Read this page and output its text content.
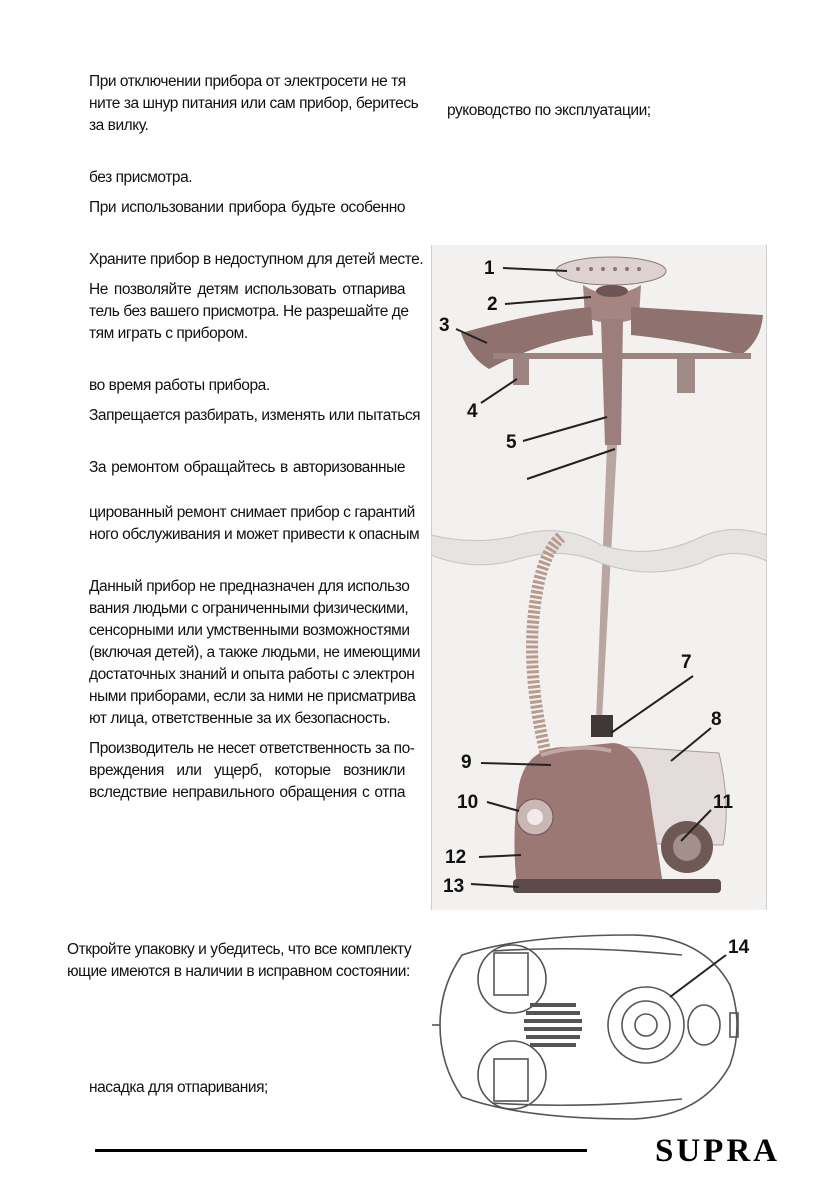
При отключении прибора от электросети не тя

ните за шнур питания или сам прибор, беритесь

за вилку.

без присмотра.

При использовании прибора будьте особенно

Храните прибор в недоступном для детей месте.

Не позволяйте детям использовать отпарива

тель без вашего присмотра. Не разрешайте де

тям играть с прибором.

во время работы прибора.

Запрещается разбирать, изменять или пытаться

За ремонтом обращайтесь в авторизованные

цированный ремонт снимает прибор с гарантий

ного обслуживания и может привести к опасным

Данный прибор не предназначен для использо

вания людьми с ограниченными физическими,

сенсорными или умственными возможностями

(включая детей), а также людьми, не имеющими

достаточных знаний и опыта работы с электрон

ными приборами, если за ними не присматрива

ют лица, ответственные за их безопасность.

Производитель не несет ответственность за по-

вреждения или ущерб, которые возникли

вследствие неправильного обращения с отпа

Откройте упаковку и убедитесь, что все комплекту

ющие имеются в наличии в исправном состоянии:

насадка для отпаривания;

руководство по эксплуатации;

1
2
3
4
5
7
8
9
10	11
12
13
14
SUPRA
